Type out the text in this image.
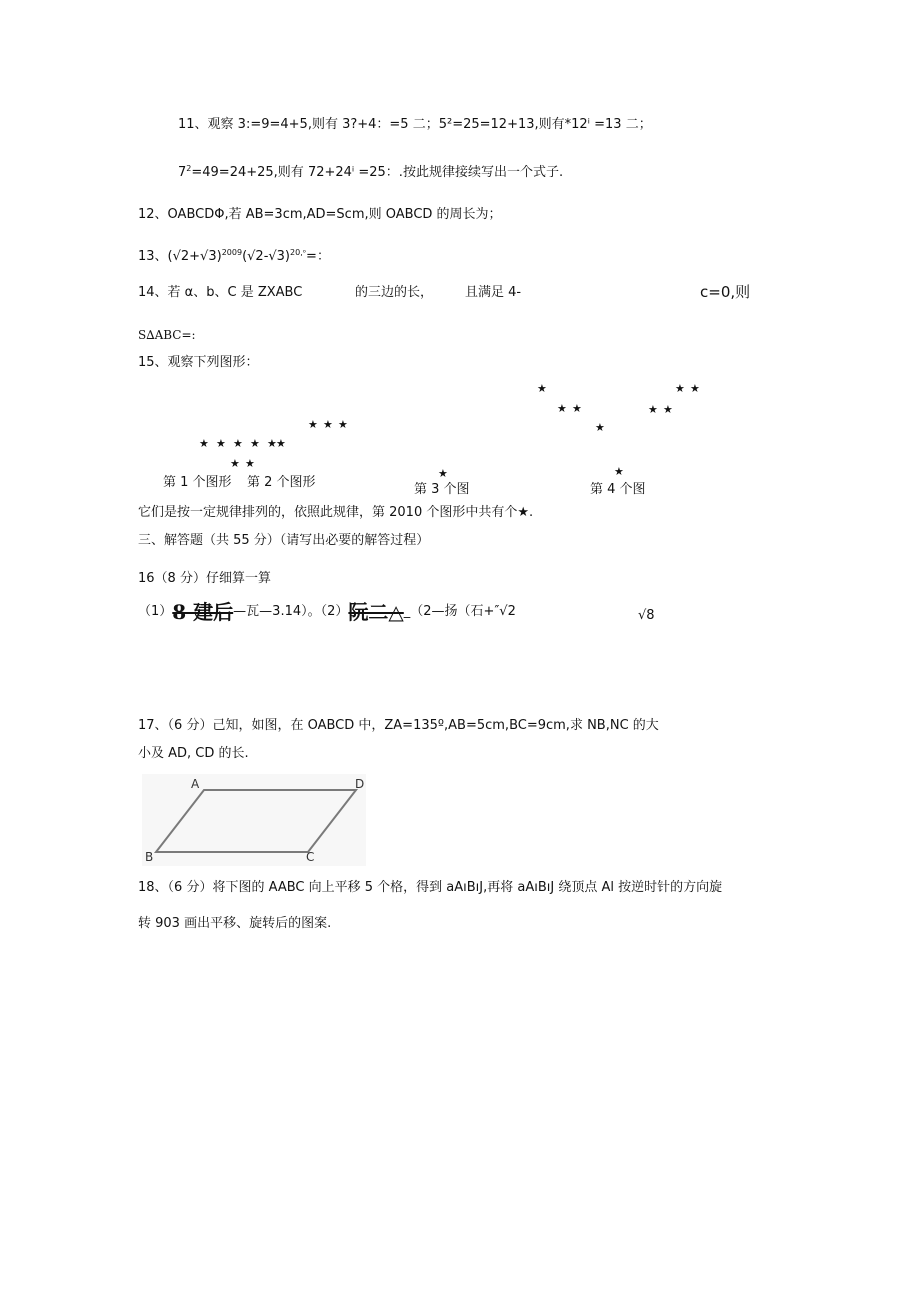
11、观察 3:=9=4+5,则有 3?+4：=5 二；5²=25=12+13,则有*12ⁱ =13 二；
$7^2=49=24+25$,则有 72+24ⁱ =25：.按此规律接续写出一个式子.
12、OABCDΦ,若 AB=3cm,AD=Scm,则 OABCD 的周长为；
13、$(√2+√3)^{2009}(√2-√3)^{20,ᵒ}=$：
14、若 α、b、C 是 ZXABC	的三边的长， 且满足 4-	c=0,则
S∆ABC=:
15、观察下列图形：
★ ★ ★ ★ ★ ★
★ ★ ★
★ ★
★
★ ★
★
★
★ ★
★ ★
★
第 1 个图形 第 2 个图形	第 3 个图	第 4 个图
它们是按一定规律排列的，依照此规律，第 2010 个图形中共有个★.
三、解答题（共 55 分）（请写出必要的解答过程）
16（8 分）仔细算一算
（1）8 建后—瓦—3.14）。（2）阮二△_（2—扬（石+″√2	√8
17、（6 分）己知，如图，在 OABCD 中，ZA=135º,AB=5cm,BC=9cm,求 NB,NC 的大
小及 AD, CD 的长.
A	D
B	C
18、（6 分）将下图的 AABC 向上平移 5 个格，得到 aAıBıJ,再将 aAıBıJ 绕顶点 Al 按逆时针的方向旋
转 903 画出平移、旋转后的图案.
